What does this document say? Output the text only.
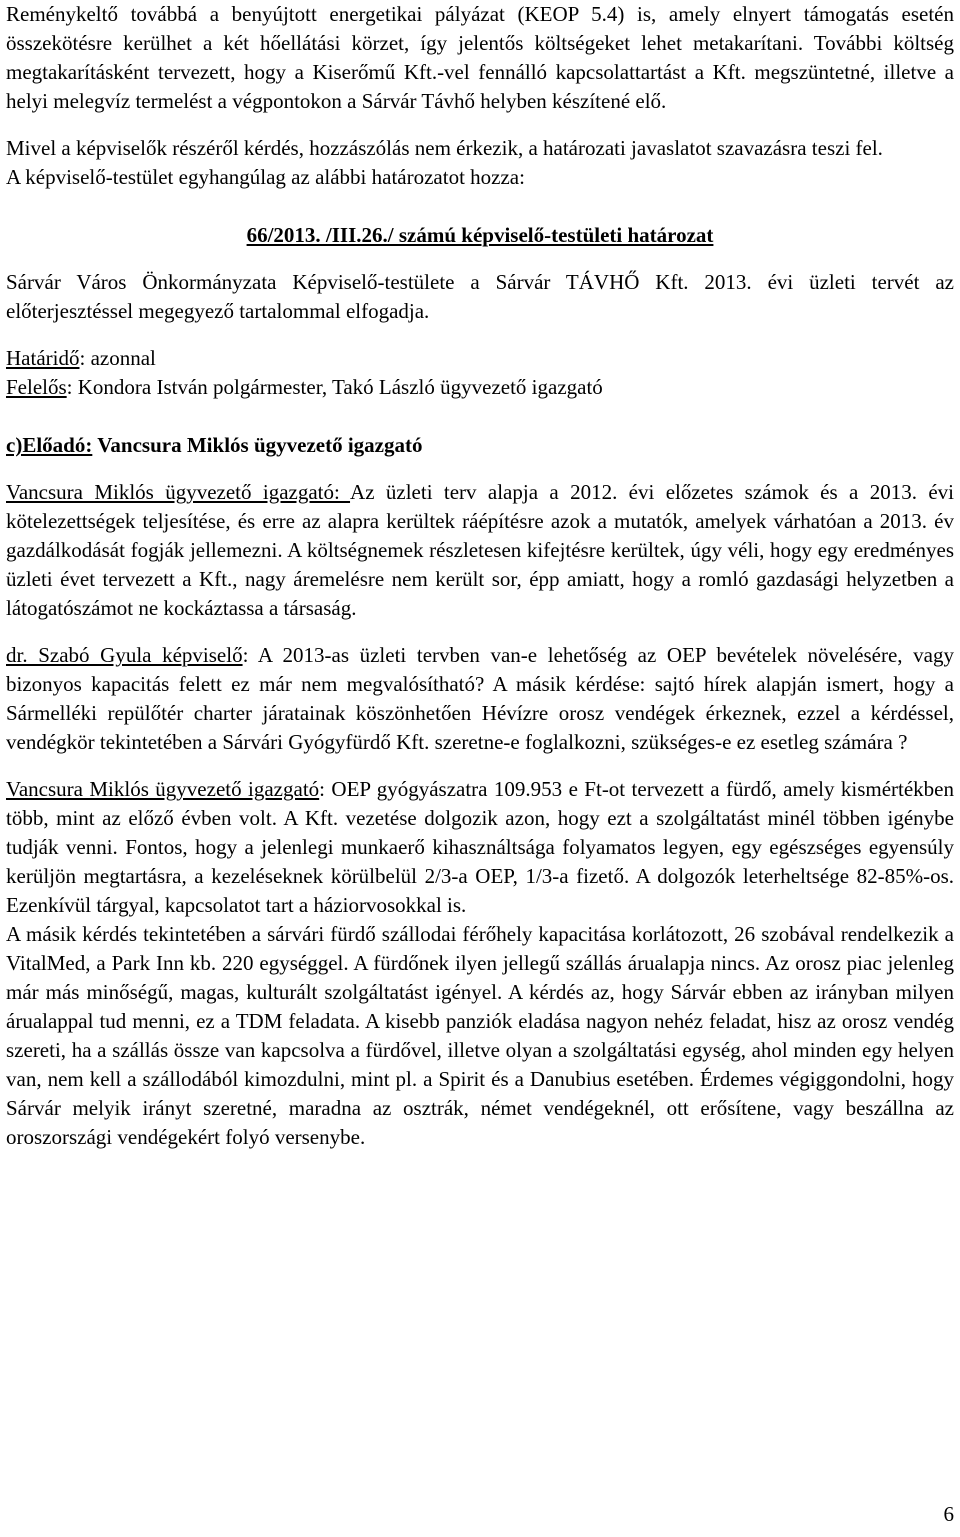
Reménykeltő továbbá a benyújtott energetikai pályázat (KEOP 5.4) is, amely elnyert támogatás esetén összekötésre kerülhet a két hőellátási körzet, így jelentős költségeket lehet metakarítani. További költség megtakarításként tervezett, hogy a Kiserőmű Kft.-vel fennálló kapcsolattartást a Kft. megszüntetné, illetve a helyi melegvíz termelést a végpontokon a Sárvár Távhő helyben készítené elő.

Mivel a képviselők részéről kérdés, hozzászólás nem érkezik, a határozati javaslatot szavazásra teszi fel.

A képviselő-testület egyhangúlag az alábbi határozatot hozza:

66/2013. /III.26./ számú képviselő-testületi határozat

Sárvár Város Önkormányzata Képviselő-testülete a Sárvár TÁVHŐ Kft. 2013. évi üzleti tervét az előterjesztéssel megegyező tartalommal elfogadja.

Határidő: azonnal

Felelős: Kondora István polgármester, Takó László ügyvezető igazgató

c)Előadó: Vancsura Miklós ügyvezető igazgató

Vancsura Miklós ügyvezető igazgató: Az üzleti terv alapja a 2012. évi előzetes számok és a 2013. évi kötelezettségek teljesítése, és erre az alapra kerültek ráépítésre azok a mutatók, amelyek várhatóan a 2013. év gazdálkodását fogják jellemezni. A költségnemek részletesen kifejtésre kerültek, úgy véli, hogy egy eredményes üzleti évet tervezett a Kft., nagy áremelésre nem került sor, épp amiatt, hogy a romló gazdasági helyzetben a látogatószámot ne kockáztassa a társaság.

dr. Szabó Gyula képviselő: A 2013-as üzleti tervben van-e lehetőség az OEP bevételek növelésére, vagy bizonyos kapacitás felett ez már nem megvalósítható? A másik kérdése: sajtó hírek alapján ismert, hogy a Sármelléki repülőtér charter járatainak köszönhetően Hévízre orosz vendégek érkeznek, ezzel a kérdéssel, vendégkör tekintetében a Sárvári Gyógyfürdő Kft. szeretne-e foglalkozni, szükséges-e ez esetleg számára ?

Vancsura Miklós ügyvezető igazgató: OEP gyógyászatra 109.953 e Ft-ot tervezett a fürdő, amely kismértékben több, mint az előző évben volt. A Kft. vezetése dolgozik azon, hogy ezt a szolgáltatást minél többen igénybe tudják venni. Fontos, hogy a jelenlegi munkaerő kihasználtsága folyamatos legyen, egy egészséges egyensúly kerüljön megtartásra, a kezeléseknek körülbelül 2/3-a OEP, 1/3-a fizető. A dolgozók leterheltsége 82-85%-os. Ezenkívül tárgyal, kapcsolatot tart a háziorvosokkal is.

A másik kérdés tekintetében a sárvári fürdő szállodai férőhely kapacitása korlátozott, 26 szobával rendelkezik a VitalMed, a Park Inn kb. 220 egységgel. A fürdőnek ilyen jellegű szállás árualapja nincs. Az orosz piac jelenleg már más minőségű, magas, kulturált szolgáltatást igényel. A kérdés az, hogy Sárvár ebben az irányban milyen árualappal tud menni, ez a TDM feladata. A kisebb panziók eladása nagyon nehéz feladat, hisz az orosz vendég szereti, ha a szállás össze van kapcsolva a fürdővel, illetve olyan a szolgáltatási egység, ahol minden egy helyen van, nem kell a szállodából kimozdulni, mint pl. a Spirit és a Danubius esetében. Érdemes végiggondolni, hogy Sárvár melyik irányt szeretné, maradna az osztrák, német vendégeknél, ott erősítene, vagy beszállna az oroszországi vendégekért folyó versenybe.

6
